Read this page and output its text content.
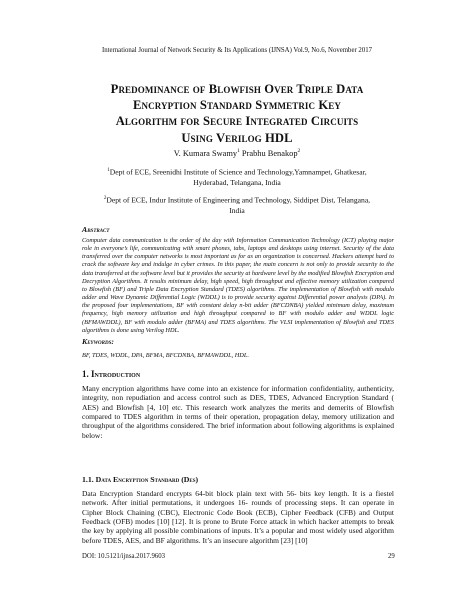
International Journal of Network Security & Its Applications (IJNSA) Vol.9, No.6, November 2017
Predominance of Blowfish Over Triple Data
Encryption Standard Symmetric Key
Algorithm for Secure Integrated Circuits
Using Verilog HDL
V. Kumara Swamy$^1$ Prabhu Benakop$^2$
$^1$Dept of ECE, Sreenidhi Institute of Science and Technology,Yamnampet, Ghatkesar,
Hyderabad, Telangana, India
$^2$Dept of ECE, Indur Institute of Engineering and Technology, Siddipet Dist, Telangana,
India
Abstract
Computer data communication is the order of the day with Information Communication Technology (ICT) playing major role in everyone’s life, communicating with smart phones, tabs, laptops and desktops using internet. Security of the data transferred over the computer networks is most important as for as an organization is concerned. Hackers attempt hard to crack the software key and indulge in cyber crimes. In this paper, the main concern is not only to provide security to the data transferred at the software level but it provides the security at hardware level by the modified Blowfish Encryption and Decryption Algorithms. It results minimum delay, high speed, high throughput and effective memory utilization compared to Blowfish (BF) and Triple Data Encryption Standard (TDES) algorithms. The implementation of Blowfish with modulo adder and Wave Dynamic Differential Logic (WDDL) is to provide security against Differential power analysis (DPA). In the proposed four implementations, BF with constant delay n-bit adder (BFCDNBA) yielded minimum delay, maximum frequency, high memory utilization and high throughput compared to BF with modulo adder and WDDL logic (BFMAWDDL), BF with modulo adder (BFMA) and TDES algorithms. The VLSI implementation of Blowfish and TDES algorithms is done using Verilog HDL.
Keywords:
BF, TDES, WDDL, DPA, BFMA, BFCDNBA, BFMAWDDL, HDL.
1. Introduction
Many encryption algorithms have come into an existence for information confidentiality, authenticity, integrity, non repudiation and access control such as DES, TDES, Advanced Encryption Standard ( AES) and Blowfish [4, 10] etc. This research work analyzes the merits and demerits of Blowfish compared to TDES algorithm in terms of their operation, propagation delay, memory utilization and throughput of the algorithms considered. The brief information about following algorithms is explained below:
1.1. Data Encryption Standard (Des)
Data Encryption Standard encrypts 64-bit block plain text with 56- bits key length. It is a fiestel network. After initial permutations, it undergoes 16- rounds of processing steps. It can operate in Cipher Block Chaining (CBC), Electronic Code Book (ECB), Cipher Feedback (CFB) and Output Feedback (OFB) modes [10] [12]. It is prone to Brute Force attack in which hacker attempts to break the key by applying all possible combinations of inputs. It’s a popular and most widely used algorithm before TDES, AES, and BF algorithms. It’s an insecure algorithm [23] [10]
DOI: 10.5121/ijnsa.2017.9603	29
